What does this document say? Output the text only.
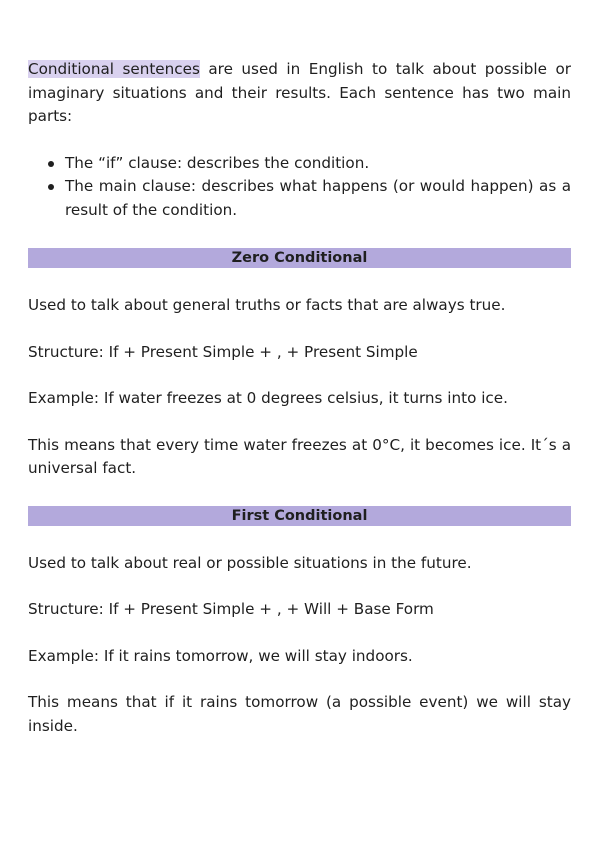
Conditional sentences are used in English to talk about possible or imaginary situations and their results. Each sentence has two main parts:

The “if” clause: describes the condition.
The main clause: describes what happens (or would happen) as a result of the condition.
Zero Conditional

Used to talk about general truths or facts that are always true.

Structure: If + Present Simple + , + Present Simple

Example: If water freezes at 0 degrees celsius, it turns into ice.

This means that every time water freezes at 0°C, it becomes ice. It´s a universal fact.

First Conditional

Used to talk about real or possible situations in the future.

Structure: If + Present Simple + , + Will + Base Form

Example: If it rains tomorrow, we will stay indoors.

This means that if it rains tomorrow (a possible event) we will stay inside.
